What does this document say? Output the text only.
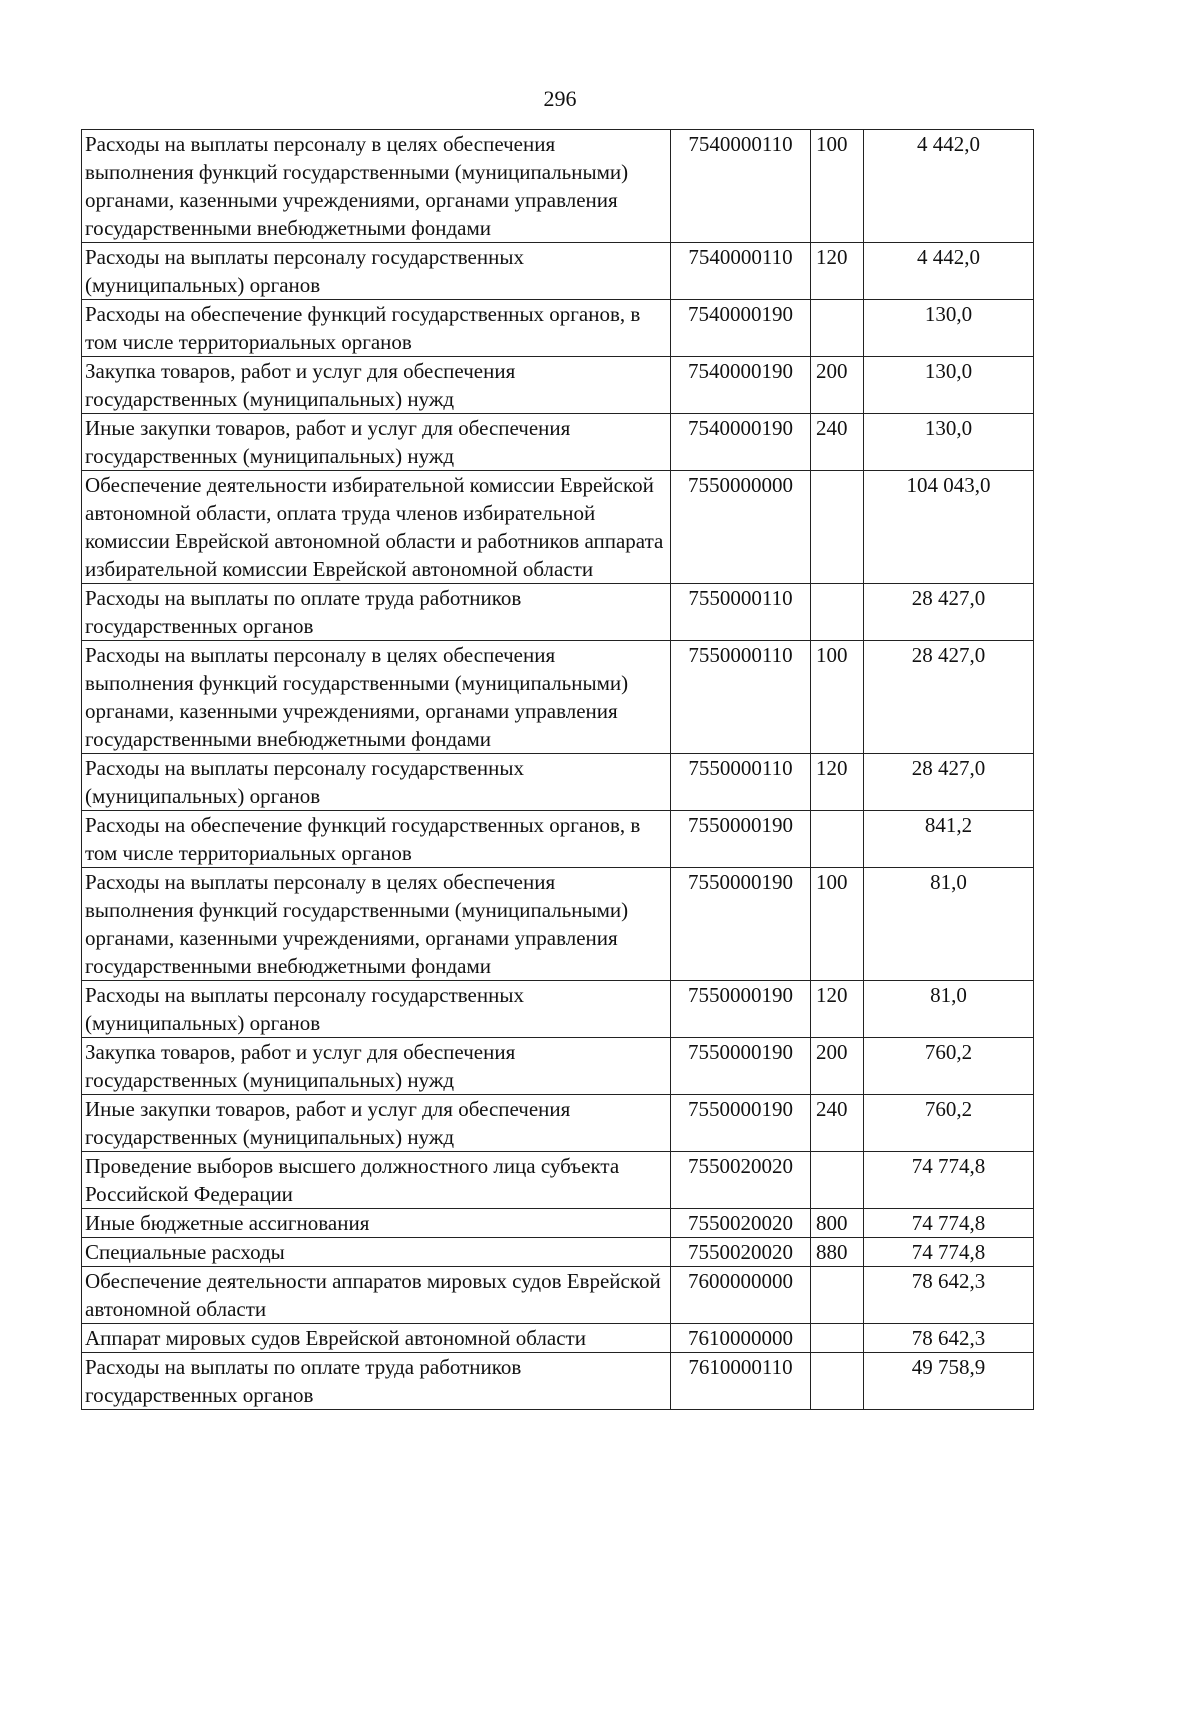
296
Расходы на выплаты персоналу в целях обеспечения выполнения функций государственными (муниципальными) органами, казенными учреждениями, органами управления государственными внебюджетными фондами	7540000110	100	4 442,0
Расходы на выплаты персоналу государственных (муниципальных) органов	7540000110	120	4 442,0
Расходы на обеспечение функций государственных органов, в том числе территориальных органов	7540000190		130,0
Закупка товаров, работ и услуг для обеспечения государственных (муниципальных) нужд	7540000190	200	130,0
Иные закупки товаров, работ и услуг для обеспечения государственных (муниципальных) нужд	7540000190	240	130,0
Обеспечение деятельности избирательной комиссии Еврейской автономной области, оплата труда членов избирательной комиссии Еврейской автономной области и работников аппарата избирательной комиссии Еврейской автономной области	7550000000		104 043,0
Расходы на выплаты по оплате труда работников государственных органов	7550000110		28 427,0
Расходы на выплаты персоналу в целях обеспечения выполнения функций государственными (муниципальными) органами, казенными учреждениями, органами управления государственными внебюджетными фондами	7550000110	100	28 427,0
Расходы на выплаты персоналу государственных (муниципальных) органов	7550000110	120	28 427,0
Расходы на обеспечение функций государственных органов, в том числе территориальных органов	7550000190		841,2
Расходы на выплаты персоналу в целях обеспечения выполнения функций государственными (муниципальными) органами, казенными учреждениями, органами управления государственными внебюджетными фондами	7550000190	100	81,0
Расходы на выплаты персоналу государственных (муниципальных) органов	7550000190	120	81,0
Закупка товаров, работ и услуг для обеспечения государственных (муниципальных) нужд	7550000190	200	760,2
Иные закупки товаров, работ и услуг для обеспечения государственных (муниципальных) нужд	7550000190	240	760,2
Проведение выборов высшего должностного лица субъекта Российской Федерации	7550020020		74 774,8
Иные бюджетные ассигнования	7550020020	800	74 774,8
Специальные расходы	7550020020	880	74 774,8
Обеспечение деятельности аппаратов мировых судов Еврейской автономной области	7600000000		78 642,3
Аппарат мировых судов Еврейской автономной области	7610000000		78 642,3
Расходы на выплаты по оплате труда работников государственных органов	7610000110		49 758,9
